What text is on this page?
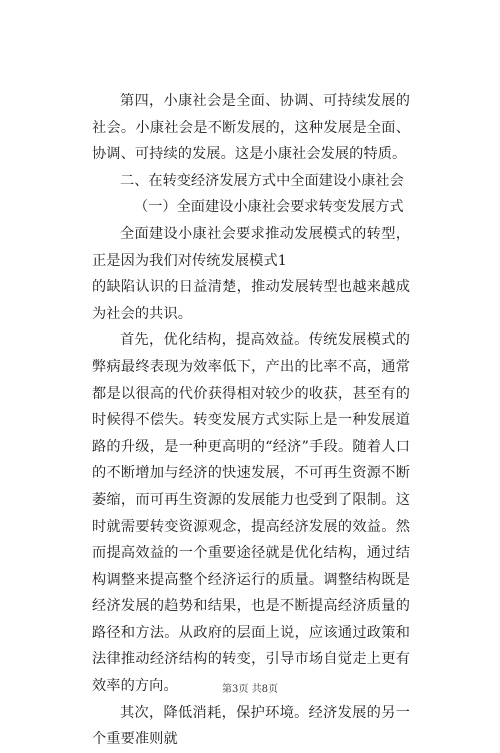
第四，小康社会是全面、协调、可持续发展的社会。小康社会是不断发展的，这种发展是全面、协调、可持续的发展。这是小康社会发展的特质。

二、在转变经济发展方式中全面建设小康社会

（一）全面建设小康社会要求转变发展方式

全面建设小康社会要求推动发展模式的转型，正是因为我们对传统发展模式1

的缺陷认识的日益清楚，推动发展转型也越来越成为社会的共识。

首先，优化结构，提高效益。传统发展模式的弊病最终表现为效率低下，产出的比率不高，通常都是以很高的代价获得相对较少的收获，甚至有的时候得不偿失。转变发展方式实际上是一种发展道路的升级，是一种更高明的“经济”手段。随着人口的不断增加与经济的快速发展，不可再生资源不断萎缩，而可再生资源的发展能力也受到了限制。这时就需要转变资源观念，提高经济发展的效益。然而提高效益的一个重要途径就是优化结构，通过结构调整来提高整个经济运行的质量。调整结构既是经济发展的趋势和结果，也是不断提高经济质量的路径和方法。从政府的层面上说，应该通过政策和法律推动经济结构的转变，引导市场自觉走上更有效率的方向。

其次，降低消耗，保护环境。经济发展的另一个重要准则就

第3页 共8页
